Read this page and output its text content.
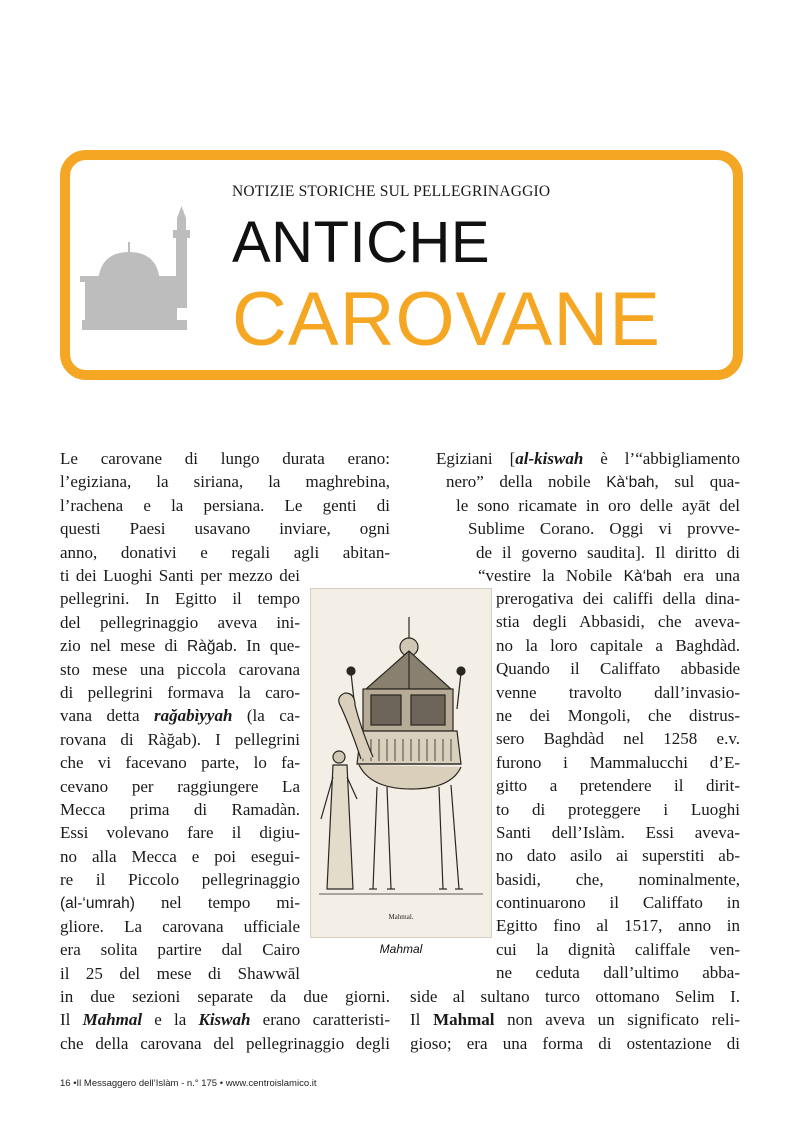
NOTIZIE STORICHE SUL PELLEGRINAGGIO
ANTICHE
CAROVANE
Le carovane di lungo durata erano:
l’egiziana, la siriana, la maghrebina,
l’rachena e la persiana. Le genti di
questi Paesi usavano inviare, ogni
anno, donativi e regali agli abitan-
ti dei Luoghi Santi per mezzo dei
pellegrini. In Egitto il tempo
del pellegrinaggio aveva ini-
zio nel mese di Ràğab. In que-
sto mese una piccola carovana
di pellegrini formava la caro-
vana detta rağabìyyah (la ca-
rovana di Ràğab). I pellegrini
che vi facevano parte, lo fa-
cevano per raggiungere La
Mecca prima di Ramadàn.
Essi volevano fare il digiu-
no alla Mecca e poi esegui-
re il Piccolo pellegrinaggio
(al-‘umrah) nel tempo mi-
gliore. La carovana ufficiale
era solita partire dal Cairo
il 25 del mese di Shawwāl
in due sezioni separate da due giorni.
Il Mahmal e la Kiswah erano caratteristi-
che della carovana del pellegrinaggio degli
Egiziani [al-kiswah è l’“abbigliamento
nero” della nobile Kà‘bah, sul qua-
le sono ricamate in oro delle ayāt del
Sublime Corano. Oggi vi provve-
de il governo saudita]. Il diritto di
“vestire la Nobile Kà‘bah era una
prerogativa dei califfi della dina-
stia degli Abbasidi, che aveva-
no la loro capitale a Baghdàd.
Quando il Califfato abbaside
venne travolto dall’invasio-
ne dei Mongoli, che distrus-
sero Baghdàd nel 1258 e.v.
furono i Mammalucchi d’E-
gitto a pretendere il dirit-
to di proteggere i Luoghi
Santi dell’Islàm. Essi aveva-
no dato asilo ai superstiti ab-
basidi, che, nominalmente,
continuarono il Califfato in
Egitto fino al 1517, anno in
cui la dignità califfale ven-
ne ceduta dall’ultimo abba-
side al sultano turco ottomano Selim I.
Il Mahmal non aveva un significato reli-
gioso; era una forma di ostentazione di
Mahmal.
Mahmal
16 •Il Messaggero dell’Islàm - n.° 175 • www.centroislamico.it
